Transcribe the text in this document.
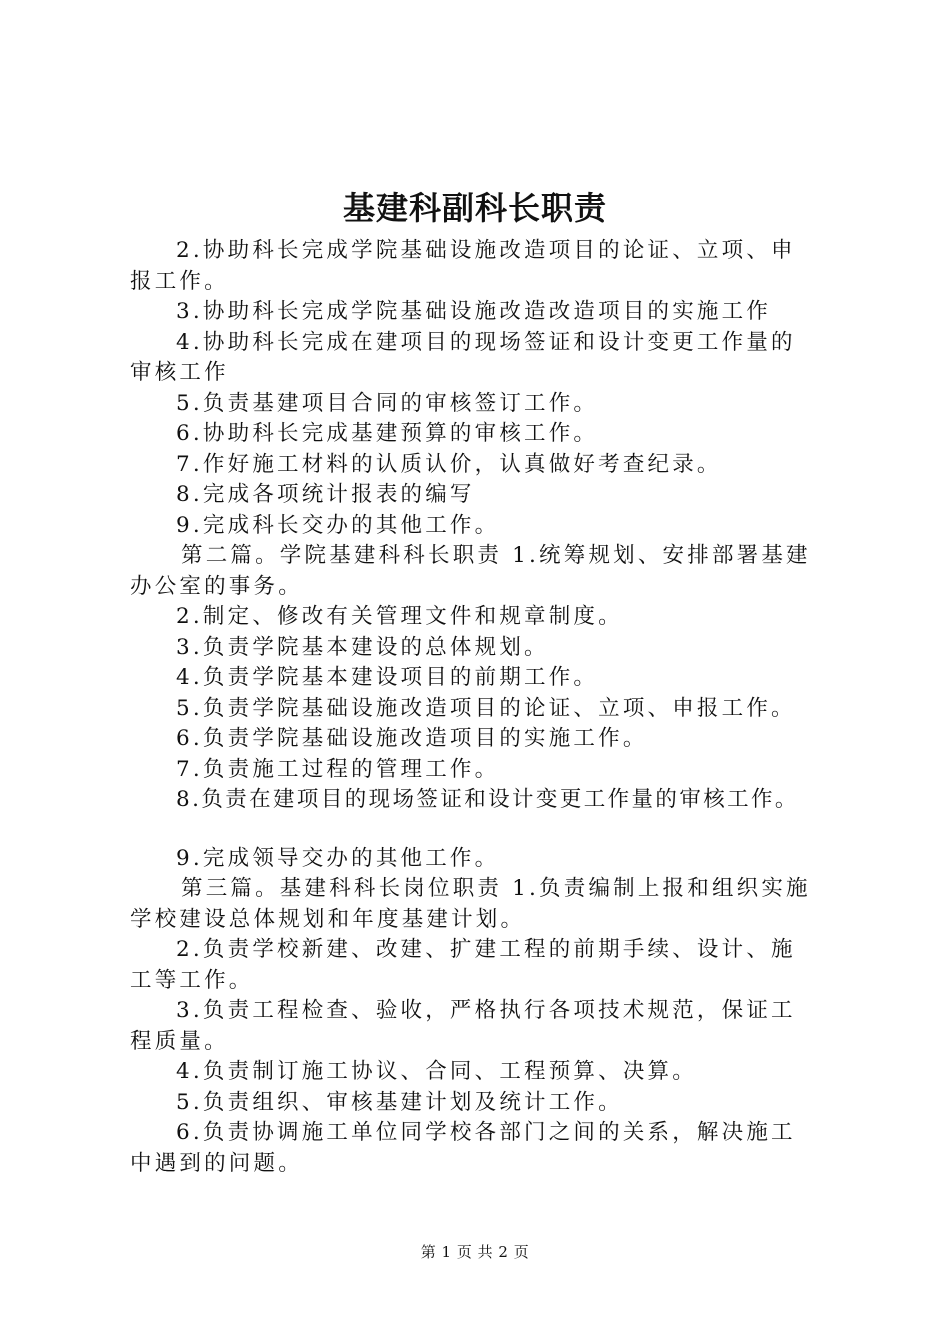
基建科副科长职责

2.协助科长完成学院基础设施改造项目的论证、立项、申

报工作。

3.协助科长完成学院基础设施改造改造项目的实施工作

4.协助科长完成在建项目的现场签证和设计变更工作量的

审核工作

5.负责基建项目合同的审核签订工作。

6.协助科长完成基建预算的审核工作。

7.作好施工材料的认质认价，认真做好考查纪录。

8.完成各项统计报表的编写

9.完成科长交办的其他工作。

第二篇。学院基建科科长职责 1.统筹规划、安排部署基建

办公室的事务。

2.制定、修改有关管理文件和规章制度。

3.负责学院基本建设的总体规划。

4.负责学院基本建设项目的前期工作。

5.负责学院基础设施改造项目的论证、立项、申报工作。

6.负责学院基础设施改造项目的实施工作。

7.负责施工过程的管理工作。

8.负责在建项目的现场签证和设计变更工作量的审核工作。

9.完成领导交办的其他工作。

第三篇。基建科科长岗位职责 1.负责编制上报和组织实施

学校建设总体规划和年度基建计划。

2.负责学校新建、改建、扩建工程的前期手续、设计、施

工等工作。

3.负责工程检查、验收，严格执行各项技术规范，保证工

程质量。

4.负责制订施工协议、合同、工程预算、决算。

5.负责组织、审核基建计划及统计工作。

6.负责协调施工单位同学校各部门之间的关系，解决施工

中遇到的问题。

第 1 页 共 2 页
